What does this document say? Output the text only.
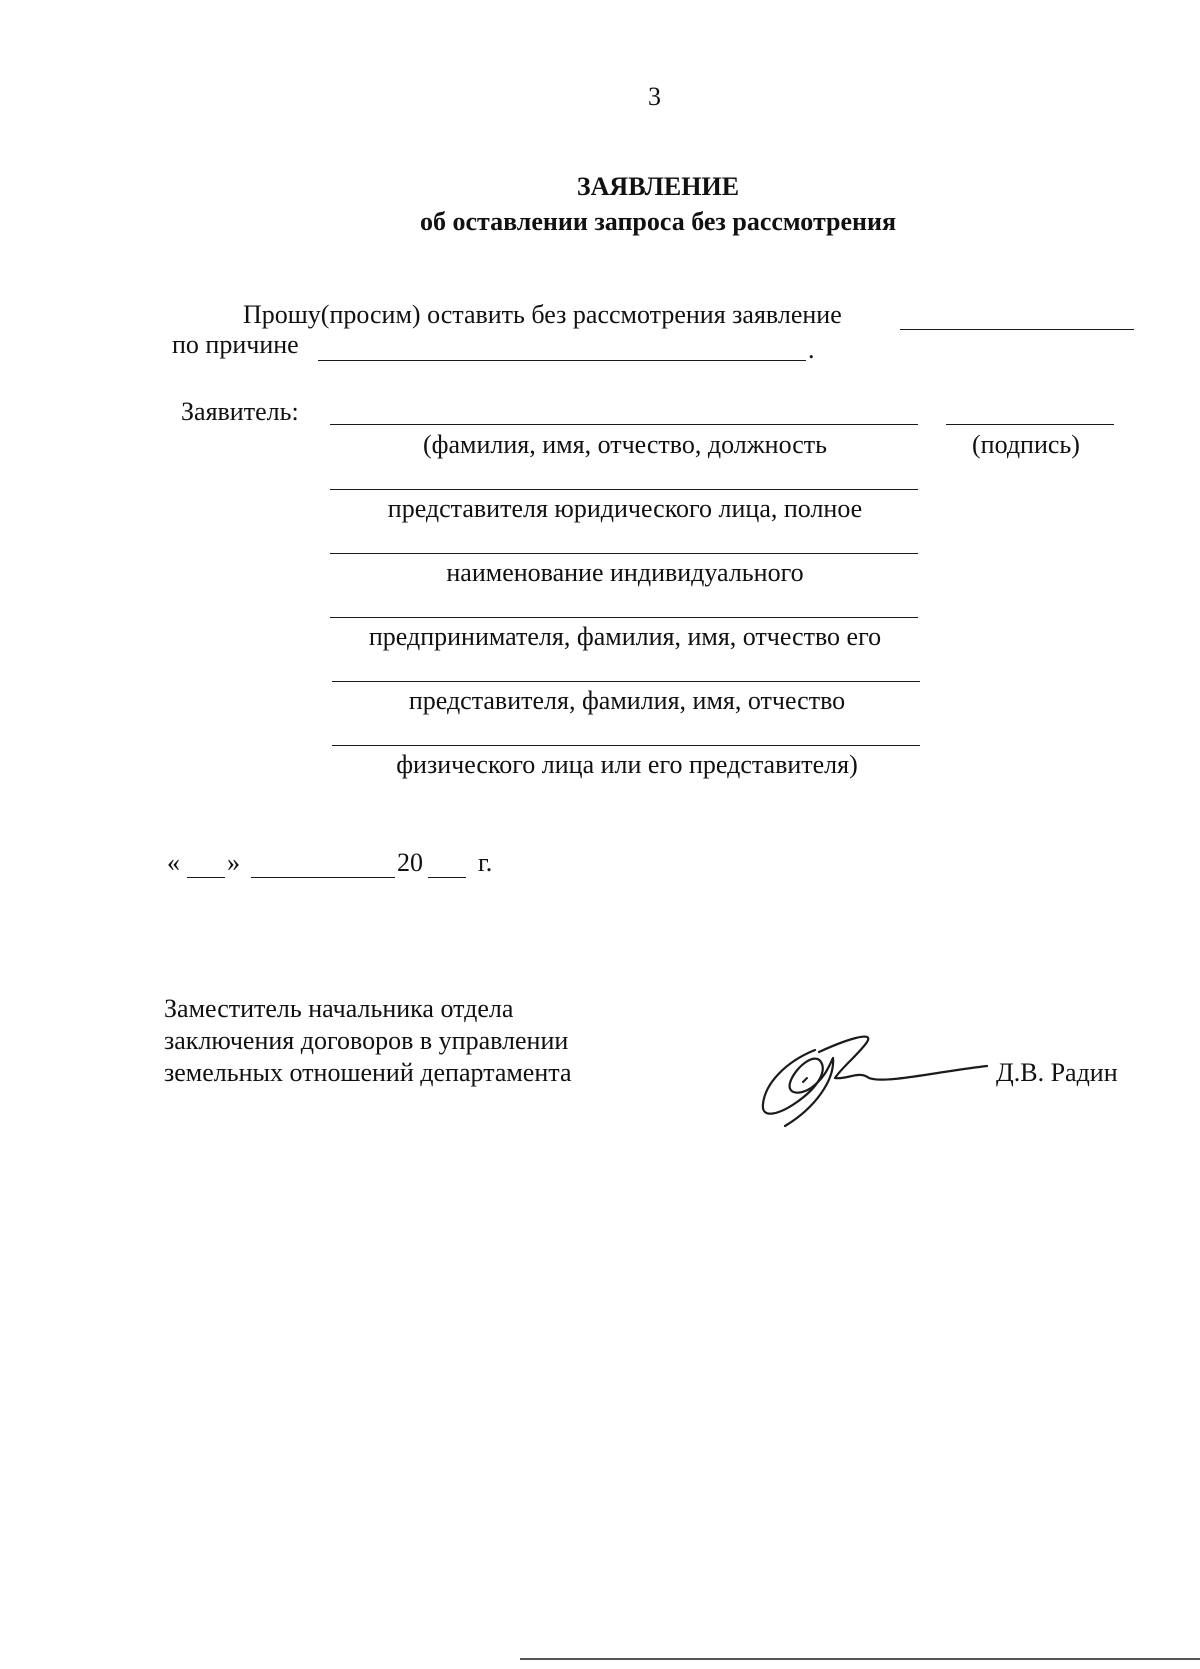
3
ЗАЯВЛЕНИЕ
об оставлении запроса без рассмотрения
Прошу(просим) оставить без рассмотрения заявление
по причине	.
Заявитель:
(фамилия, имя, отчество, должность	(подпись)
представителя юридического лица, полное
наименование индивидуального
предпринимателя, фамилия, имя, отчество его
представителя, фамилия, имя, отчество
физического лица или его представителя)
« »	20 г.
Заместитель начальника отдела
заключения договоров в управлении
земельных отношений департамента	Д.В. Радин
